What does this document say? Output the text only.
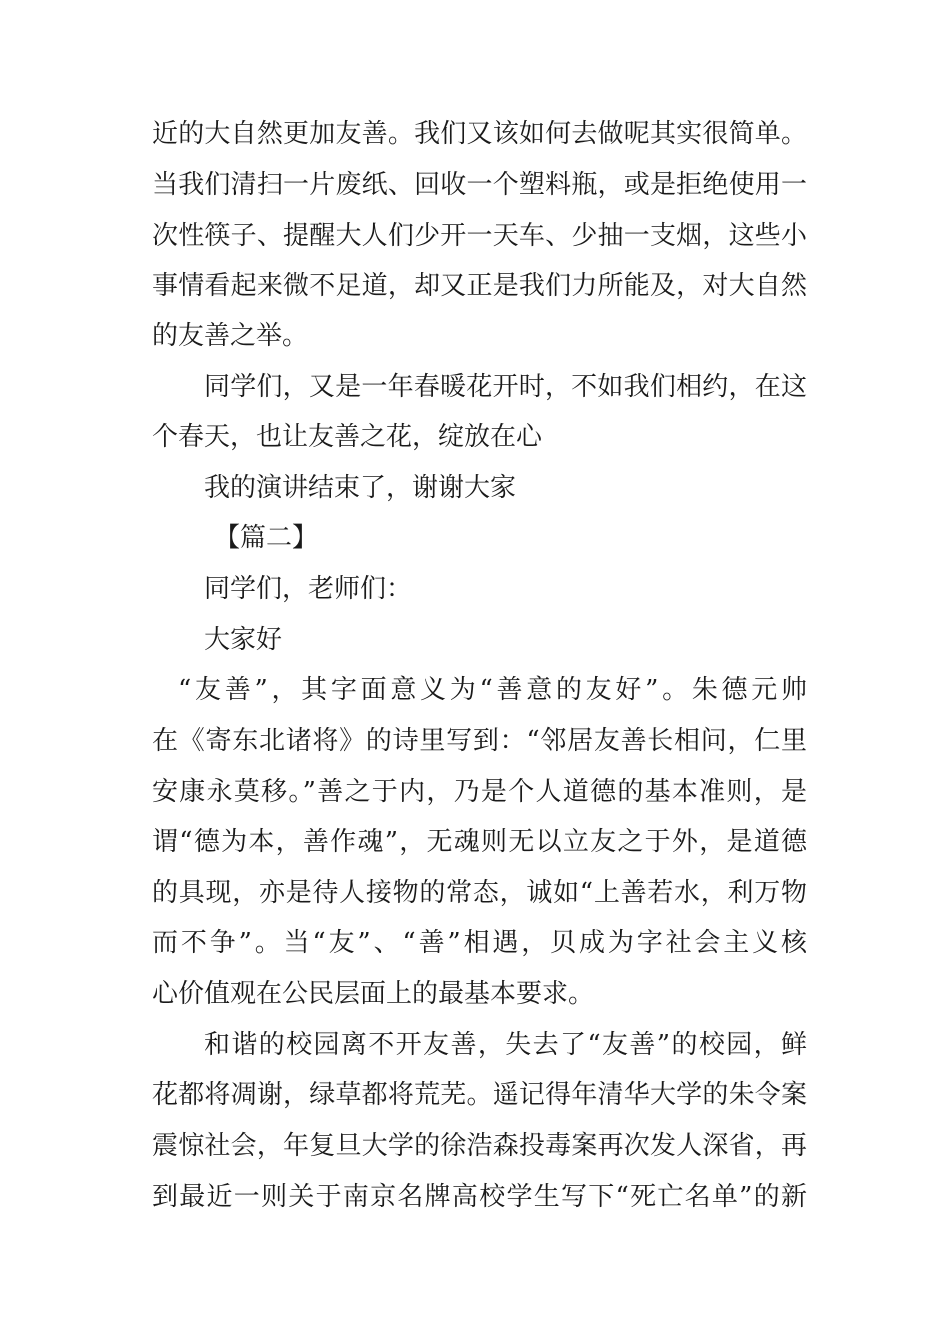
近的大自然更加友善。我们又该如何去做呢其实很简单。
当我们清扫一片废纸、回收一个塑料瓶，或是拒绝使用一
次性筷子、提醒大人们少开一天车、少抽一支烟，这些小
事情看起来微不足道，却又正是我们力所能及，对大自然
的友善之举。
同学们，又是一年春暖花开时，不如我们相约，在这
个春天，也让友善之花，绽放在心
我的演讲结束了，谢谢大家
【篇二】
同学们，老师们：
大家好
“友善”，其字面意义为“善意的友好”。朱德元帅
在《寄东北诸将》的诗里写到：“邻居友善长相问，仁里
安康永莫移。”善之于内，乃是个人道德的基本准则，是
谓“德为本，善作魂”，无魂则无以立友之于外，是道德
的具现，亦是待人接物的常态，诚如“上善若水，利万物
而不争”。当“友”、“善”相遇，贝成为字社会主义核
心价值观在公民层面上的最基本要求。
和谐的校园离不开友善，失去了“友善”的校园，鲜
花都将凋谢，绿草都将荒芜。遥记得年清华大学的朱令案
震惊社会，年复旦大学的徐浩森投毒案再次发人深省，再
到最近一则关于南京名牌高校学生写下“死亡名单”的新
